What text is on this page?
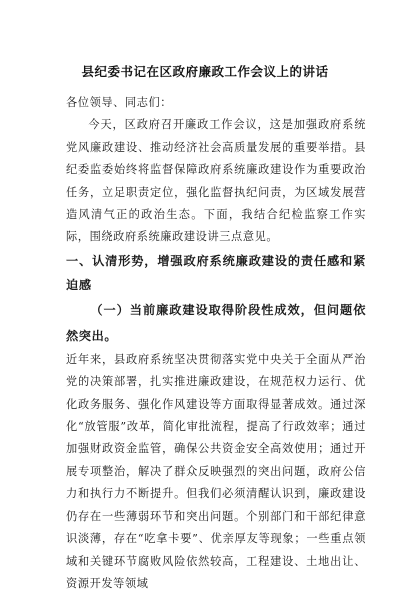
县纪委书记在区政府廉政工作会议上的讲话

各位领导、同志们：

今天，区政府召开廉政工作会议，这是加强政府系统党风廉政建设、推动经济社会高质量发展的重要举措。县纪委监委始终将监督保障政府系统廉政建设作为重要政治任务，立足职责定位，强化监督执纪问责，为区域发展营造风清气正的政治生态。下面，我结合纪检监察工作实际，围绕政府系统廉政建设讲三点意见。

一、认清形势，增强政府系统廉政建设的责任感和紧迫感

（一）当前廉政建设取得阶段性成效，但问题依然突出。

近年来，县政府系统坚决贯彻落实党中央关于全面从严治党的决策部署，扎实推进廉政建设，在规范权力运行、优化政务服务、强化作风建设等方面取得显著成效。通过深化“放管服”改革，简化审批流程，提高了行政效率；通过加强财政资金监管，确保公共资金安全高效使用；通过开展专项整治，解决了群众反映强烈的突出问题，政府公信力和执行力不断提升。但我们必须清醒认识到，廉政建设仍存在一些薄弱环节和突出问题。个别部门和干部纪律意识淡薄，存在“吃拿卡要”、优亲厚友等现象；一些重点领域和关键环节腐败风险依然较高，工程建设、土地出让、资源开发等领域
